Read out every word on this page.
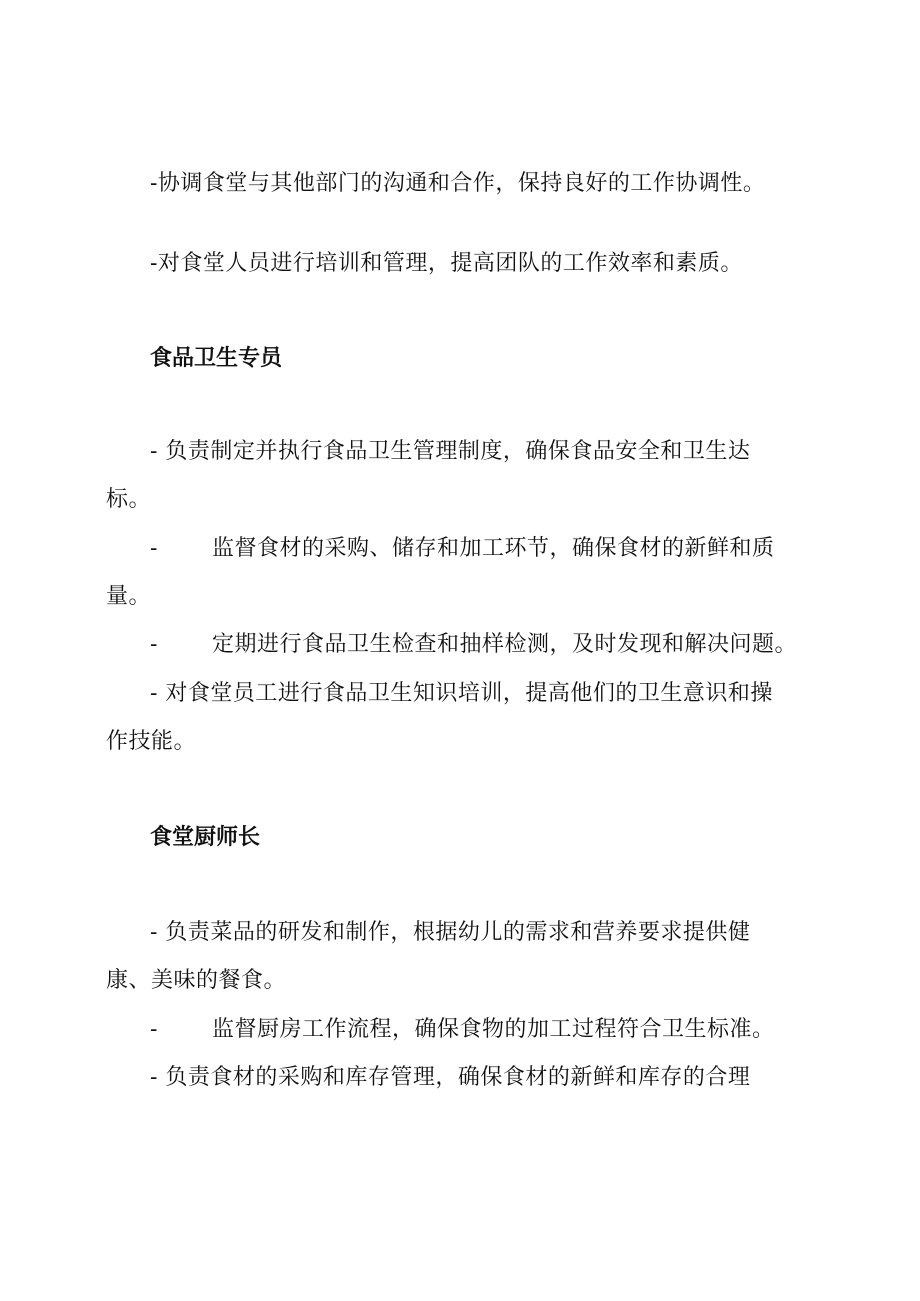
-协调食堂与其他部门的沟通和合作，保持良好的工作协调性。

-对食堂人员进行培训和管理，提高团队的工作效率和素质。

食品卫生专员

- 负责制定并执行食品卫生管理制度，确保食品安全和卫生达

标。

- 监督食材的采购、储存和加工环节，确保食材的新鲜和质

量。

- 定期进行食品卫生检查和抽样检测，及时发现和解决问题。

- 对食堂员工进行食品卫生知识培训，提高他们的卫生意识和操

作技能。

食堂厨师长

- 负责菜品的研发和制作，根据幼儿的需求和营养要求提供健

康、美味的餐食。

- 监督厨房工作流程，确保食物的加工过程符合卫生标准。

- 负责食材的采购和库存管理，确保食材的新鲜和库存的合理
